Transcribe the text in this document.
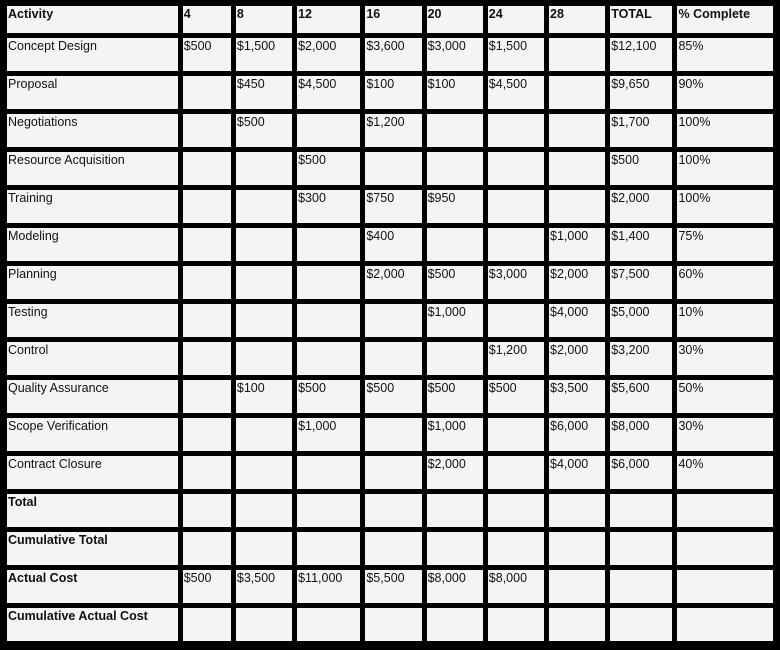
Activity	4	8	12	16	20	24	28	TOTAL	% Complete
Concept Design	$500	$1,500	$2,000	$3,600	$3,000	$1,500		$12,100	85%
Proposal		$450	$4,500	$100	$100	$4,500		$9,650	90%
Negotiations		$500		$1,200				$1,700	100%
Resource Acquisition			$500					$500	100%
Training			$300	$750	$950			$2,000	100%
Modeling				$400			$1,000	$1,400	75%
Planning				$2,000	$500	$3,000	$2,000	$7,500	60%
Testing					$1,000		$4,000	$5,000	10%
Control						$1,200	$2,000	$3,200	30%
Quality Assurance		$100	$500	$500	$500	$500	$3,500	$5,600	50%
Scope Verification			$1,000		$1,000		$6,000	$8,000	30%
Contract Closure					$2,000		$4,000	$6,000	40%
Total									
Cumulative Total									
Actual Cost	$500	$3,500	$11,000	$5,500	$8,000	$8,000			
Cumulative Actual Cost									
